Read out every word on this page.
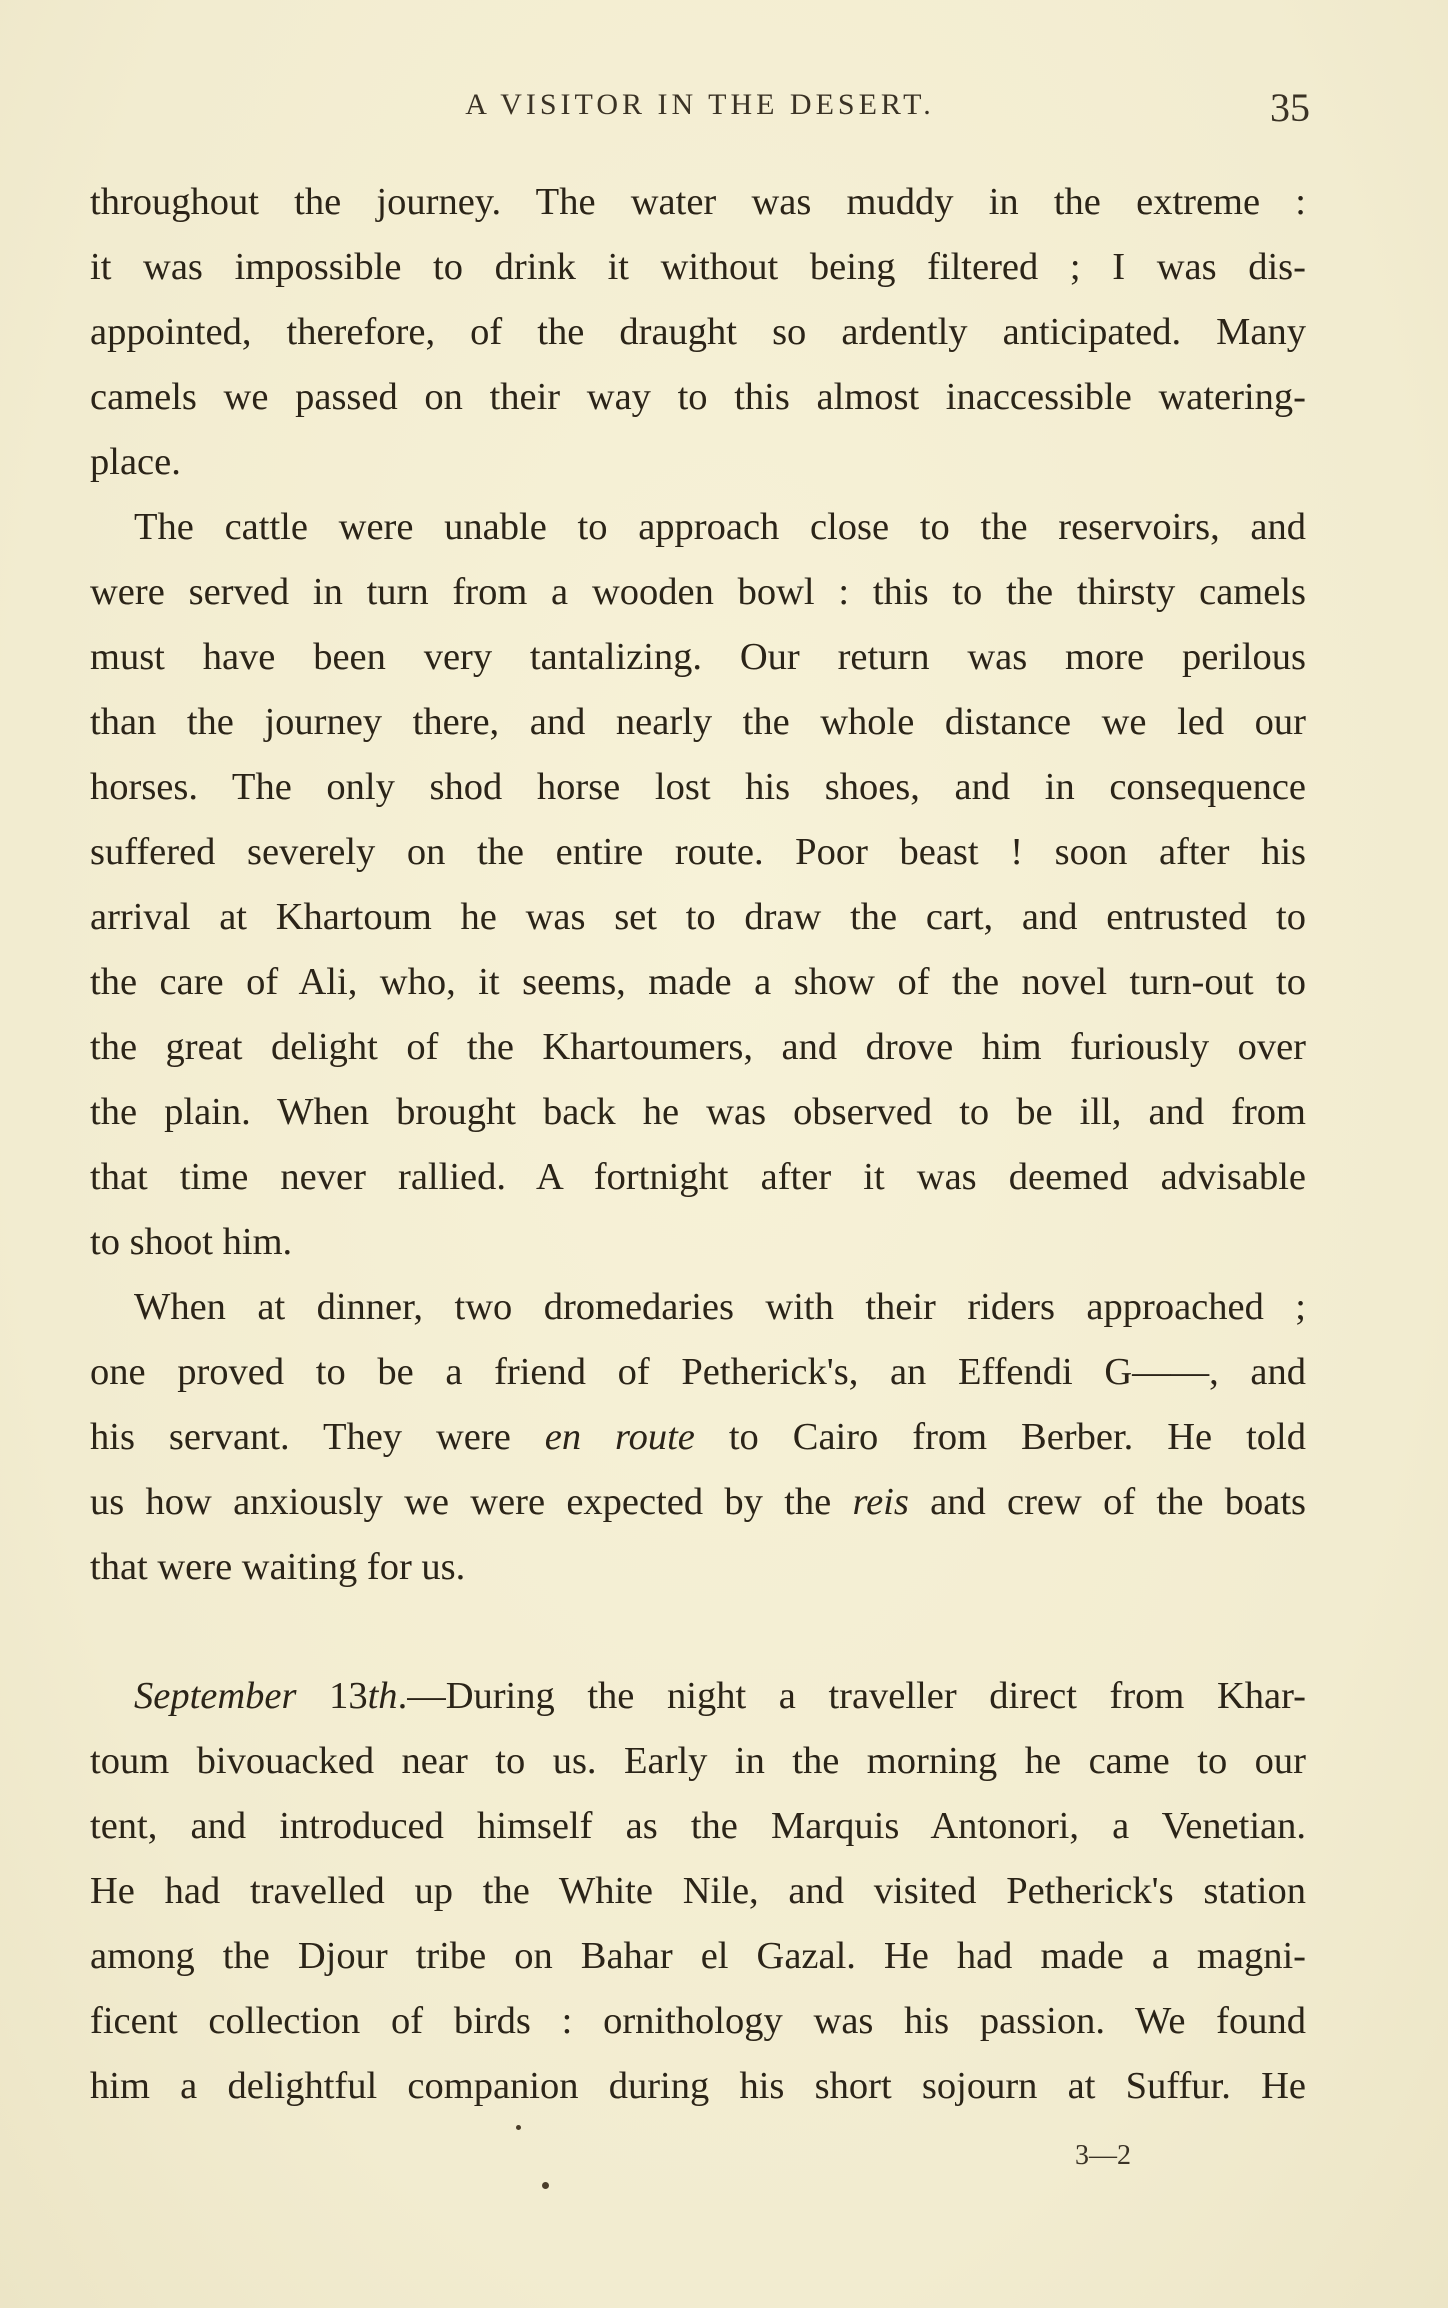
A VISITOR IN THE DESERT.	35
throughout the journey. The water was muddy in the extreme :
it was impossible to drink it without being filtered ; I was dis-
appointed, therefore, of the draught so ardently anticipated. Many
camels we passed on their way to this almost inaccessible watering-
place.
The cattle were unable to approach close to the reservoirs, and
were served in turn from a wooden bowl : this to the thirsty camels
must have been very tantalizing. Our return was more perilous
than the journey there, and nearly the whole distance we led our
horses. The only shod horse lost his shoes, and in consequence
suffered severely on the entire route. Poor beast ! soon after his
arrival at Khartoum he was set to draw the cart, and entrusted to
the care of Ali, who, it seems, made a show of the novel turn-out to
the great delight of the Khartoumers, and drove him furiously over
the plain. When brought back he was observed to be ill, and from
that time never rallied. A fortnight after it was deemed advisable
to shoot him.
When at dinner, two dromedaries with their riders approached ;
one proved to be a friend of Petherick's, an Effendi G——, and
his servant. They were en route to Cairo from Berber. He told
us how anxiously we were expected by the reis and crew of the boats
that were waiting for us.
September 13th.—During the night a traveller direct from Khar-
toum bivouacked near to us. Early in the morning he came to our
tent, and introduced himself as the Marquis Antonori, a Venetian.
He had travelled up the White Nile, and visited Petherick's station
among the Djour tribe on Bahar el Gazal. He had made a magni-
ficent collection of birds : ornithology was his passion. We found
him a delightful companion during his short sojourn at Suffur. He
3—2
